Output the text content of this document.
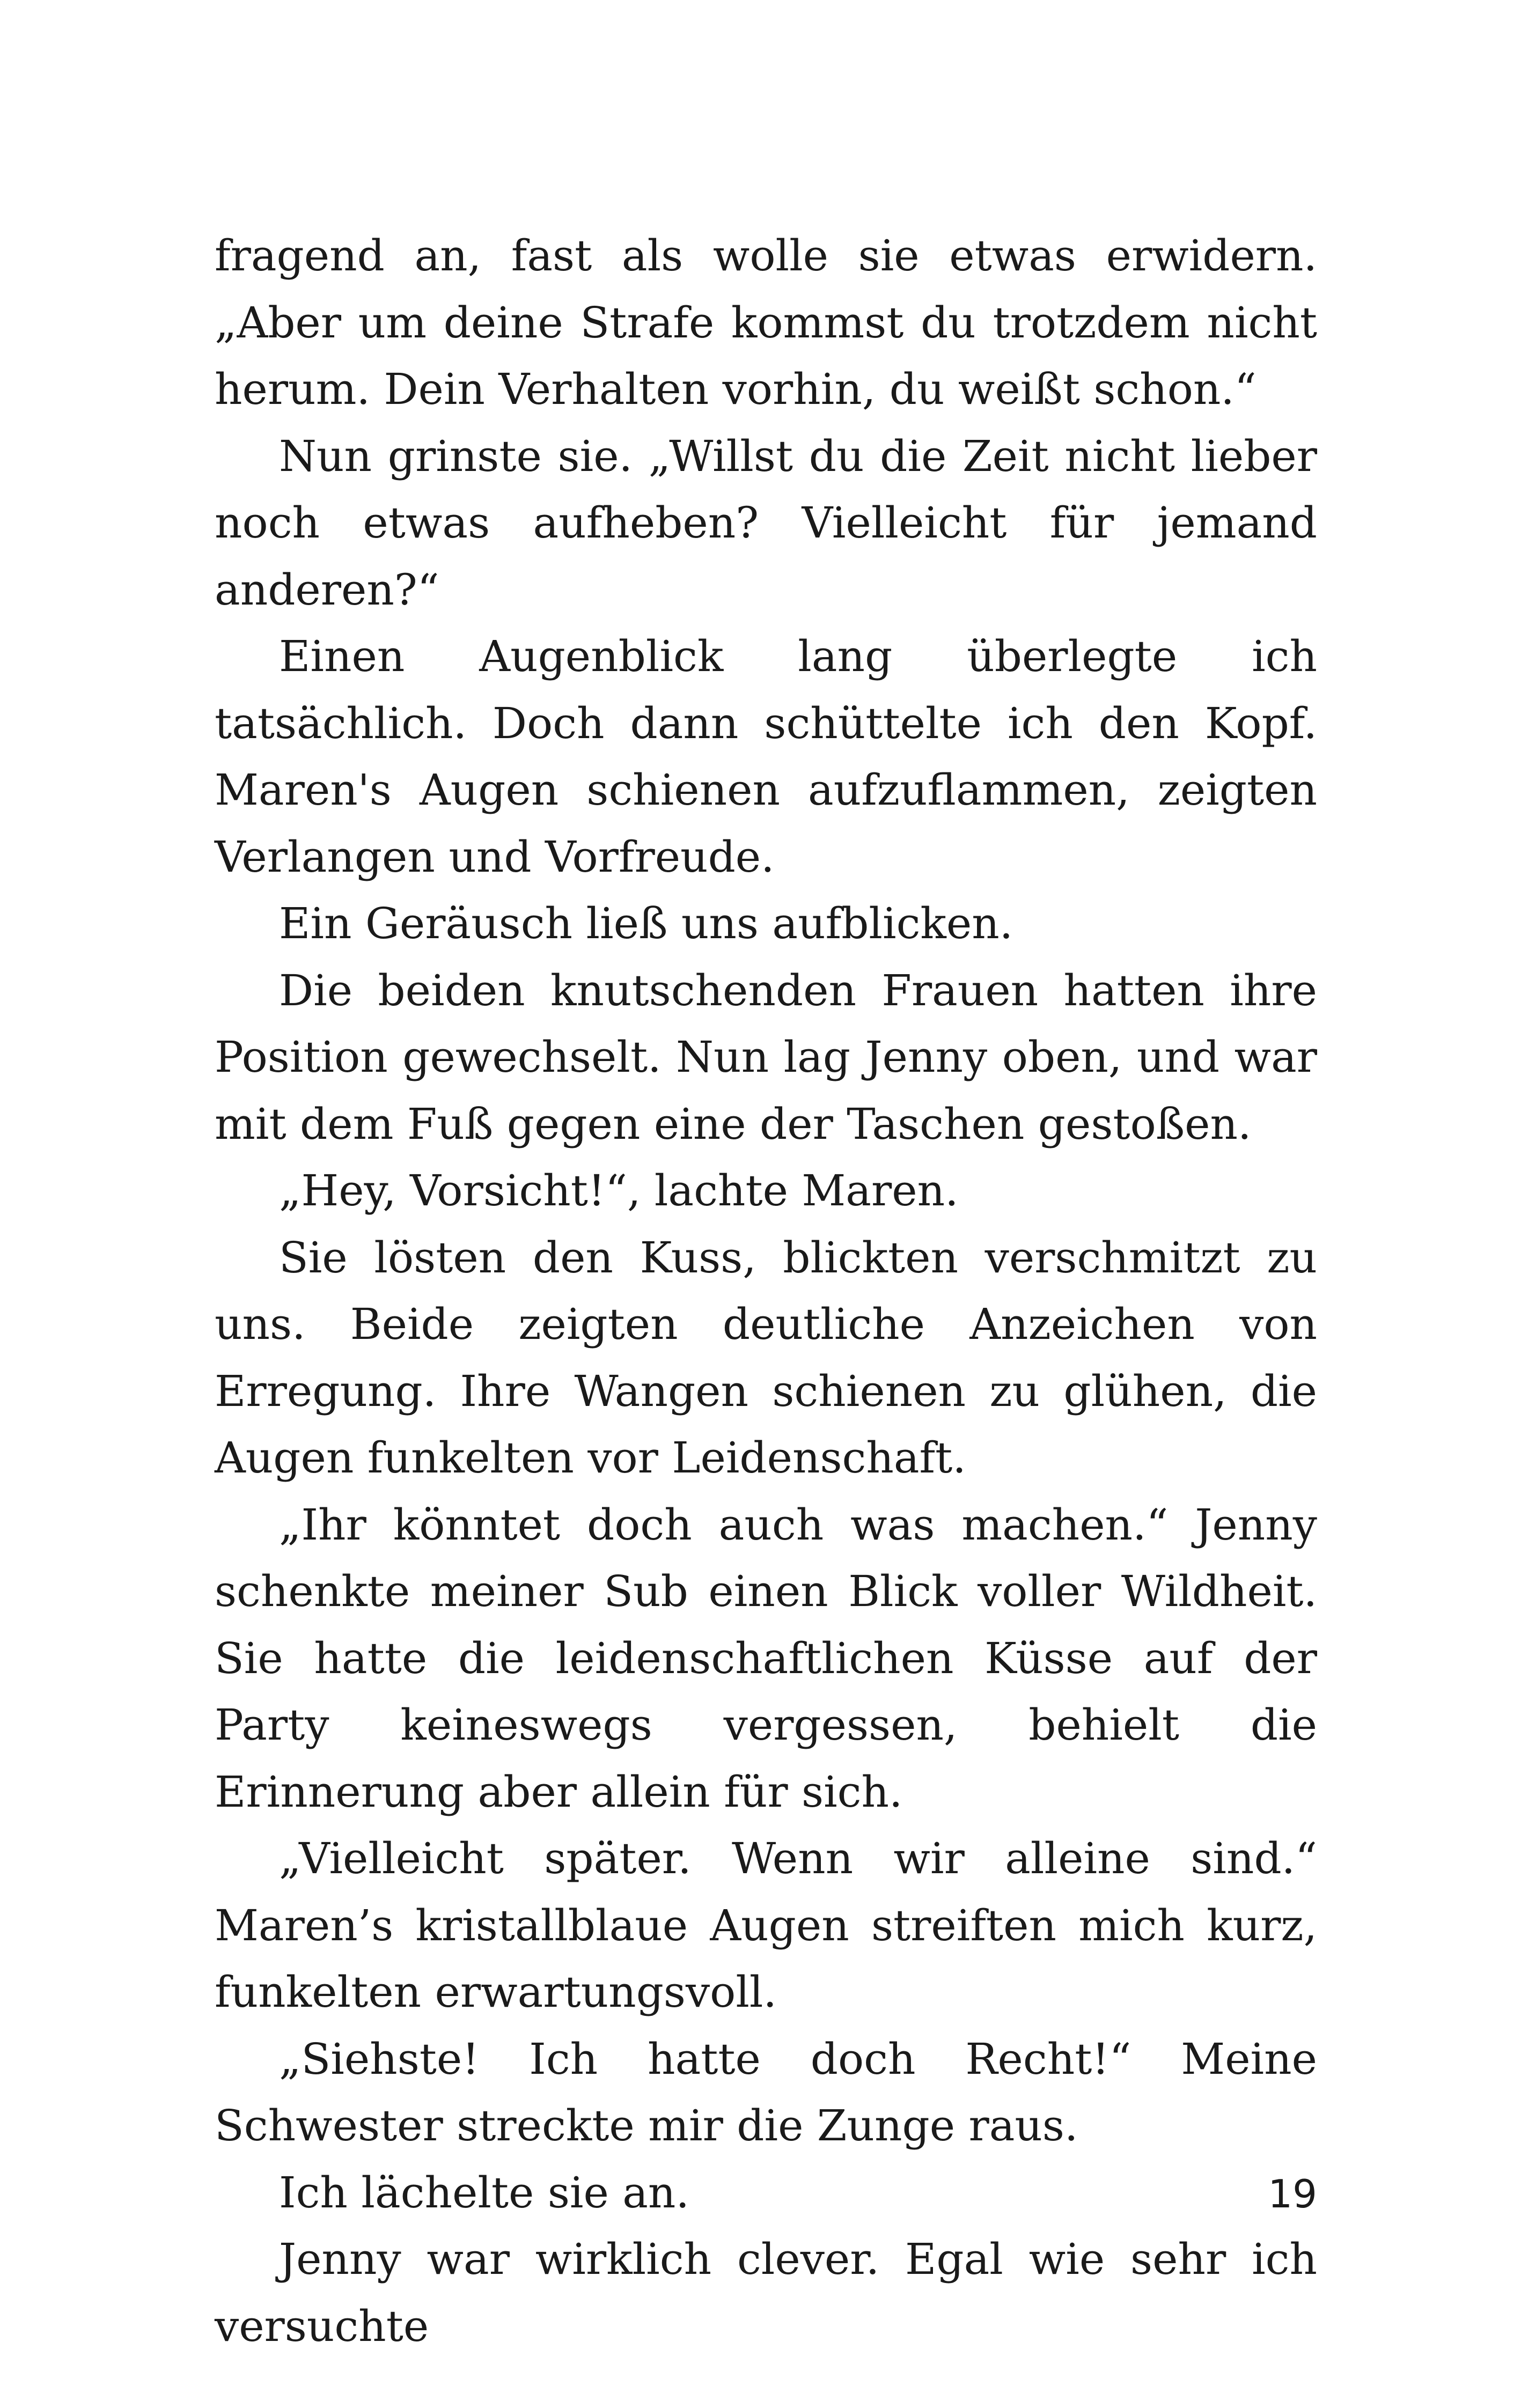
fragend an, fast als wolle sie etwas erwidern. „Aber um deine Strafe kommst du trotzdem nicht herum. Dein Verhalten vorhin, du weißt schon.“

Nun grinste sie. „Willst du die Zeit nicht lieber noch etwas aufheben? Vielleicht für jemand anderen?“

Einen Augenblick lang überlegte ich tatsächlich. Doch dann schüttelte ich den Kopf. Maren's Augen schienen aufzuflammen, zeigten Verlangen und Vorfreude.

Ein Geräusch ließ uns aufblicken.

Die beiden knutschenden Frauen hatten ihre Position gewechselt. Nun lag Jenny oben, und war mit dem Fuß gegen eine der Taschen gestoßen.

„Hey, Vorsicht!“, lachte Maren.

Sie lösten den Kuss, blickten verschmitzt zu uns. Beide zeigten deutliche Anzeichen von Erregung. Ihre Wangen schienen zu glühen, die Augen funkelten vor Leidenschaft.

„Ihr könntet doch auch was machen.“ Jenny schenkte meiner Sub einen Blick voller Wildheit. Sie hatte die leidenschaftlichen Küsse auf der Party keineswegs vergessen, behielt die Erinnerung aber allein für sich.

„Vielleicht später. Wenn wir alleine sind.“ Maren’s kristallblaue Augen streiften mich kurz, funkelten erwartungsvoll.

„Siehste! Ich hatte doch Recht!“ Meine Schwester streckte mir die Zunge raus.

Ich lächelte sie an.

Jenny war wirklich clever. Egal wie sehr ich versuchte

19
